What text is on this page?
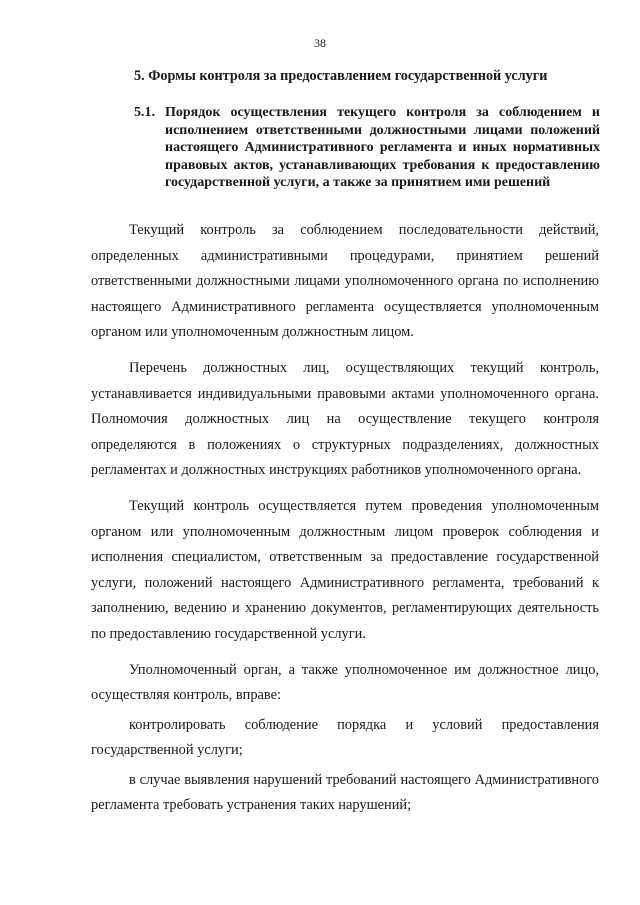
38
5. Формы контроля за предоставлением государственной услуги
5.1. Порядок осуществления текущего контроля за соблюдением и исполнением ответственными должностными лицами положений настоящего Административного регламента и иных нормативных правовых актов, устанавливающих требования к предоставлению государственной услуги, а также за принятием ими решений

Текущий контроль за соблюдением последовательности действий, определенных административными процедурами, принятием решений ответственными должностными лицами уполномоченного органа по исполнению настоящего Административного регламента осуществляется уполномоченным органом или уполномоченным должностным лицом.

Перечень должностных лиц, осуществляющих текущий контроль, устанавливается индивидуальными правовыми актами уполномоченного органа. Полномочия должностных лиц на осуществление текущего контроля определяются в положениях о структурных подразделениях, должностных регламентах и должностных инструкциях работников уполномоченного органа.

Текущий контроль осуществляется путем проведения уполномоченным органом или уполномоченным должностным лицом проверок соблюдения и исполнения специалистом, ответственным за предоставление государственной услуги, положений настоящего Административного регламента, требований к заполнению, ведению и хранению документов, регламентирующих деятельность по предоставлению государственной услуги.

Уполномоченный орган, а также уполномоченное им должностное лицо, осуществляя контроль, вправе:

контролировать соблюдение порядка и условий предоставления государственной услуги;

в случае выявления нарушений требований настоящего Административного регламента требовать устранения таких нарушений;
